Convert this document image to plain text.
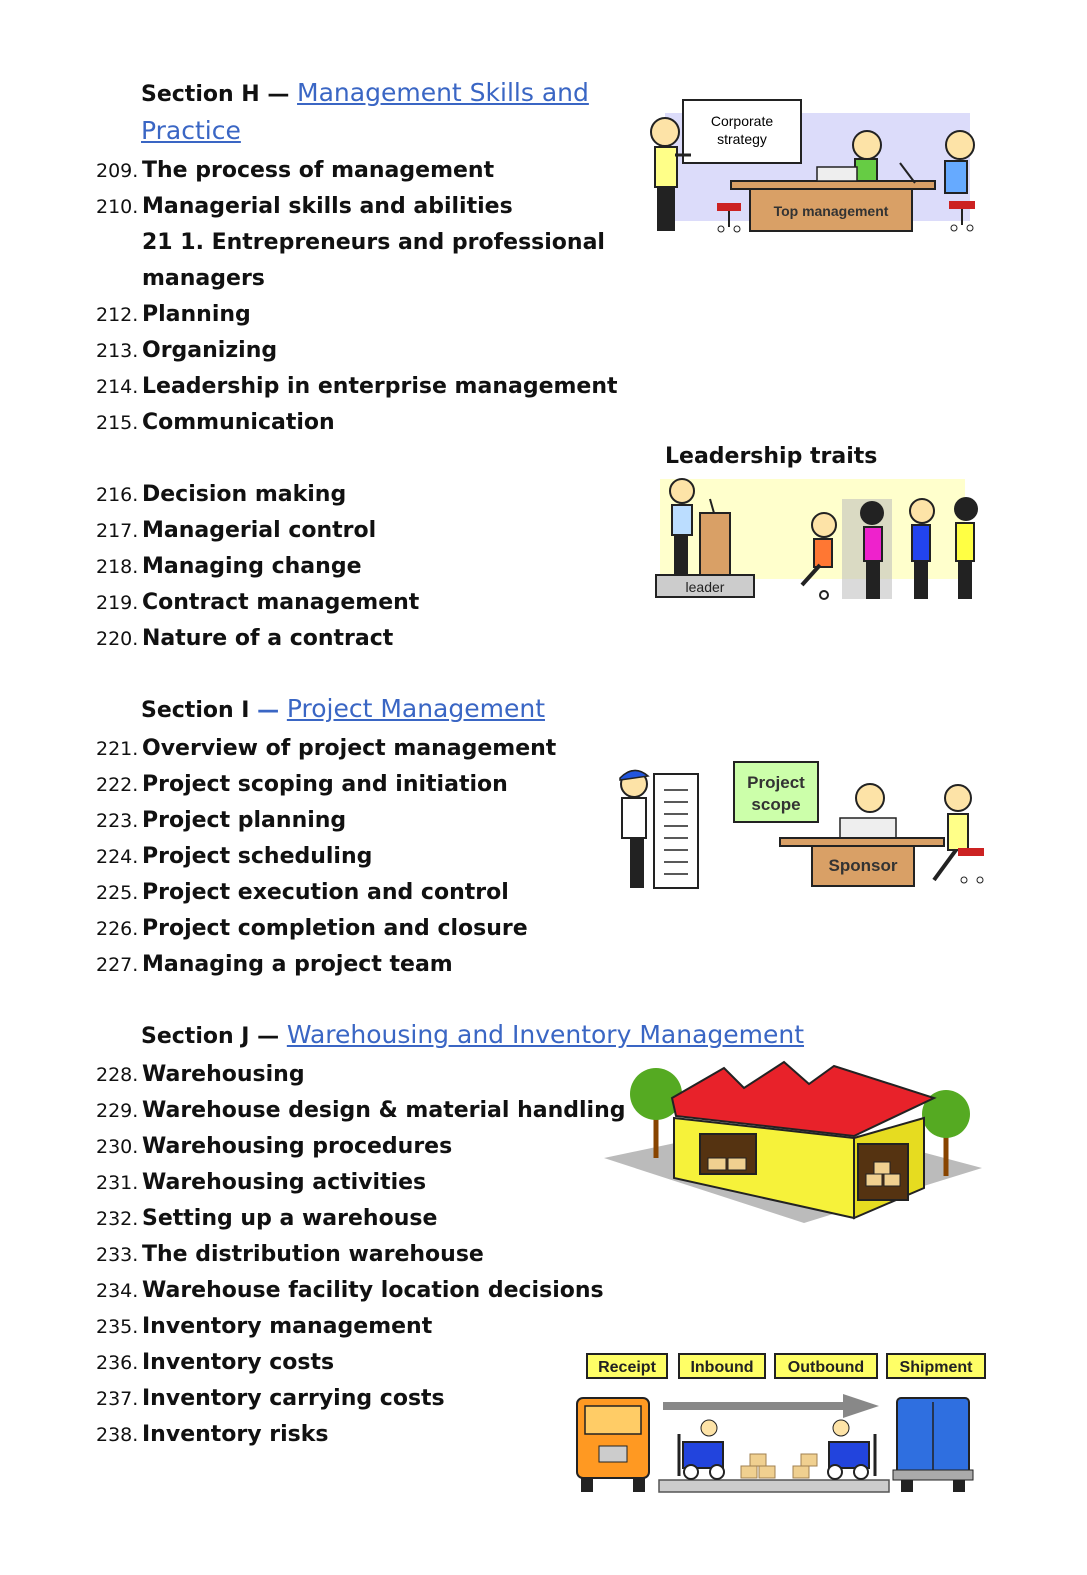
Section H — Management Skills and
Practice
209. The process of management
210. Managerial skills and abilities
21 1. Entrepreneurs and professional
managers
212. Planning
213. Organizing
214. Leadership in enterprise management
215. Communication
216. Decision making
217. Managerial control
218. Managing change
219. Contract management
220. Nature of a contract
Corporate
strategy
Top management
Leadership traits
leader
Section I — Project Management
221. Overview of project management
222. Project scoping and initiation
223. Project planning
224. Project scheduling
225. Project execution and control
226. Project completion and closure
227. Managing a project team
Project
scope
Sponsor
Section J — Warehousing and Inventory Management
228. Warehousing
229. Warehouse design & material handling
230. Warehousing procedures
231. Warehousing activities
232. Setting up a warehouse
233. The distribution warehouse
234. Warehouse facility location decisions
235. Inventory management
236. Inventory costs
237. Inventory carrying costs
238. Inventory risks
Receipt Inbound Outbound Shipment
